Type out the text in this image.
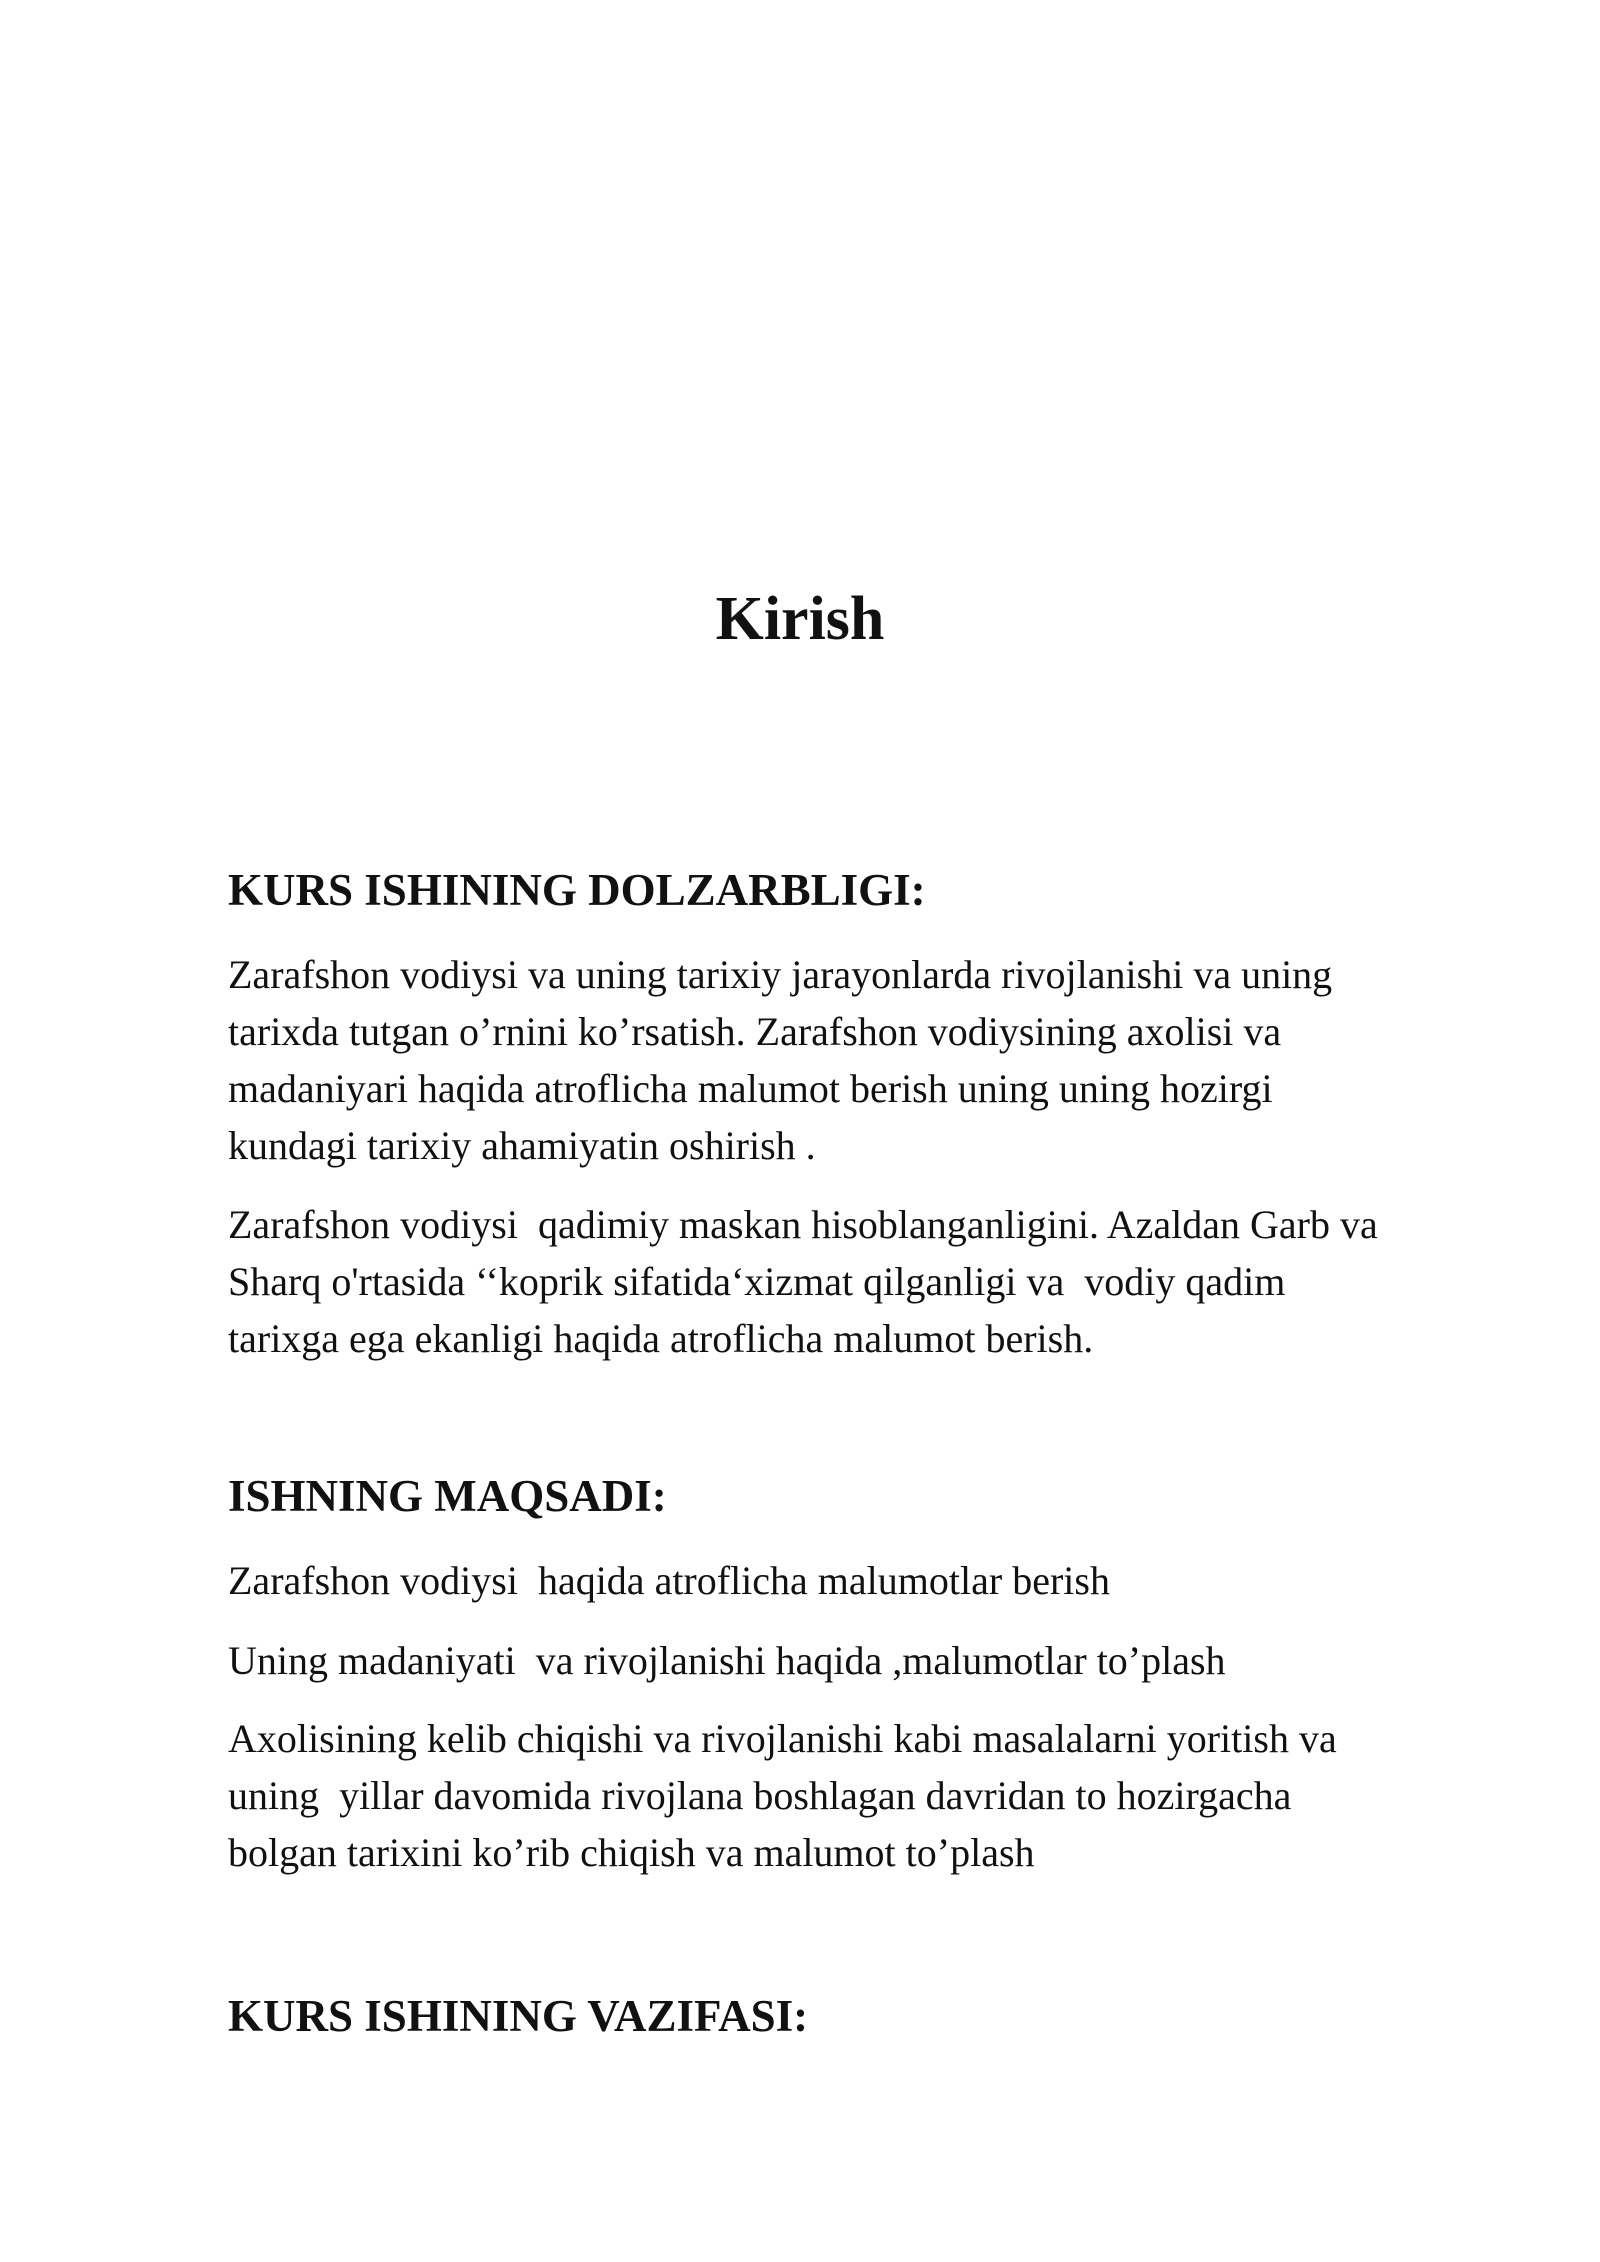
Kirish
KURS ISHINING DOLZARBLIGI:

Zarafshon vodiysi va uning tarixiy jarayonlarda rivojlanishi va uning
tarixda tutgan o’rnini ko’rsatish. Zarafshon vodiysining axolisi va
madaniyari haqida atroflicha malumot berish uning uning hozirgi
kundagi tarixiy ahamiyatin oshirish .

Zarafshon vodiysi  qadimiy maskan hisoblanganligini. Azaldan Garb va
Sharq o'rtasida ‘‘koprik sifatida‘xizmat qilganligi va  vodiy qadim
tarixga ega ekanligi haqida atroflicha malumot berish.

ISHNING MAQSADI:

Zarafshon vodiysi  haqida atroflicha malumotlar berish

Uning madaniyati  va rivojlanishi haqida ,malumotlar to’plash

Axolisining kelib chiqishi va rivojlanishi kabi masalalarni yoritish va
uning  yillar davomida rivojlana boshlagan davridan to hozirgacha
bolgan tarixini ko’rib chiqish va malumot to’plash

KURS ISHINING VAZIFASI:
